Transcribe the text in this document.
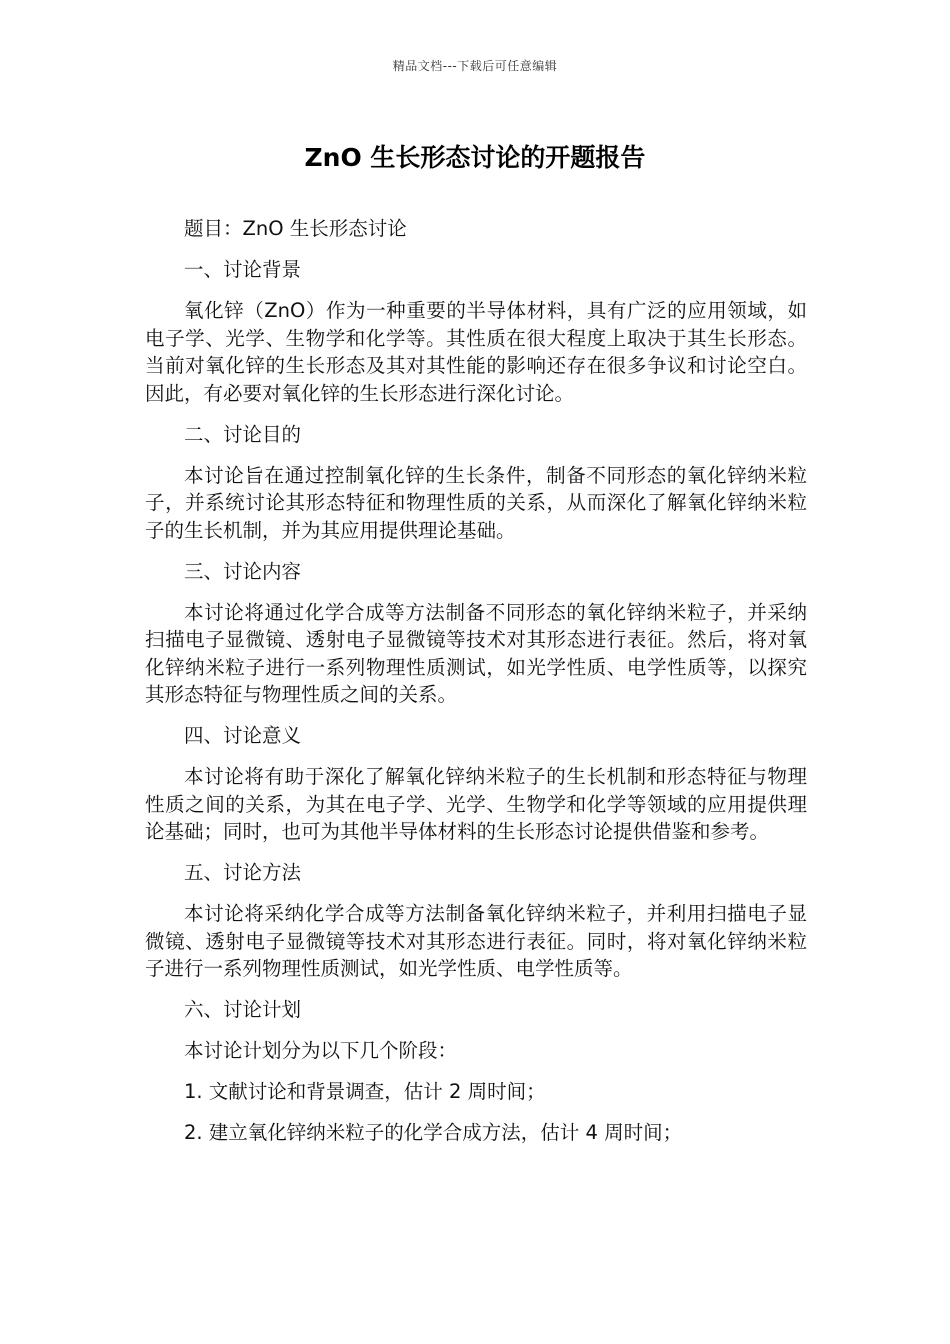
精品文档---下载后可任意编辑
ZnO 生长形态讨论的开题报告

题目：ZnO 生长形态讨论

一、讨论背景

氧化锌（ZnO）作为一种重要的半导体材料，具有广泛的应用领域，如电子学、光学、生物学和化学等。其性质在很大程度上取决于其生长形态。当前对氧化锌的生长形态及其对其性能的影响还存在很多争议和讨论空白。因此，有必要对氧化锌的生长形态进行深化讨论。

二、讨论目的

本讨论旨在通过控制氧化锌的生长条件，制备不同形态的氧化锌纳米粒子，并系统讨论其形态特征和物理性质的关系，从而深化了解氧化锌纳米粒子的生长机制，并为其应用提供理论基础。

三、讨论内容

本讨论将通过化学合成等方法制备不同形态的氧化锌纳米粒子，并采纳扫描电子显微镜、透射电子显微镜等技术对其形态进行表征。然后，将对氧化锌纳米粒子进行一系列物理性质测试，如光学性质、电学性质等，以探究其形态特征与物理性质之间的关系。

四、讨论意义

本讨论将有助于深化了解氧化锌纳米粒子的生长机制和形态特征与物理性质之间的关系，为其在电子学、光学、生物学和化学等领域的应用提供理论基础；同时，也可为其他半导体材料的生长形态讨论提供借鉴和参考。

五、讨论方法

本讨论将采纳化学合成等方法制备氧化锌纳米粒子，并利用扫描电子显微镜、透射电子显微镜等技术对其形态进行表征。同时，将对氧化锌纳米粒子进行一系列物理性质测试，如光学性质、电学性质等。

六、讨论计划

本讨论计划分为以下几个阶段：

1. 文献讨论和背景调查，估计 2 周时间；

2. 建立氧化锌纳米粒子的化学合成方法，估计 4 周时间；
